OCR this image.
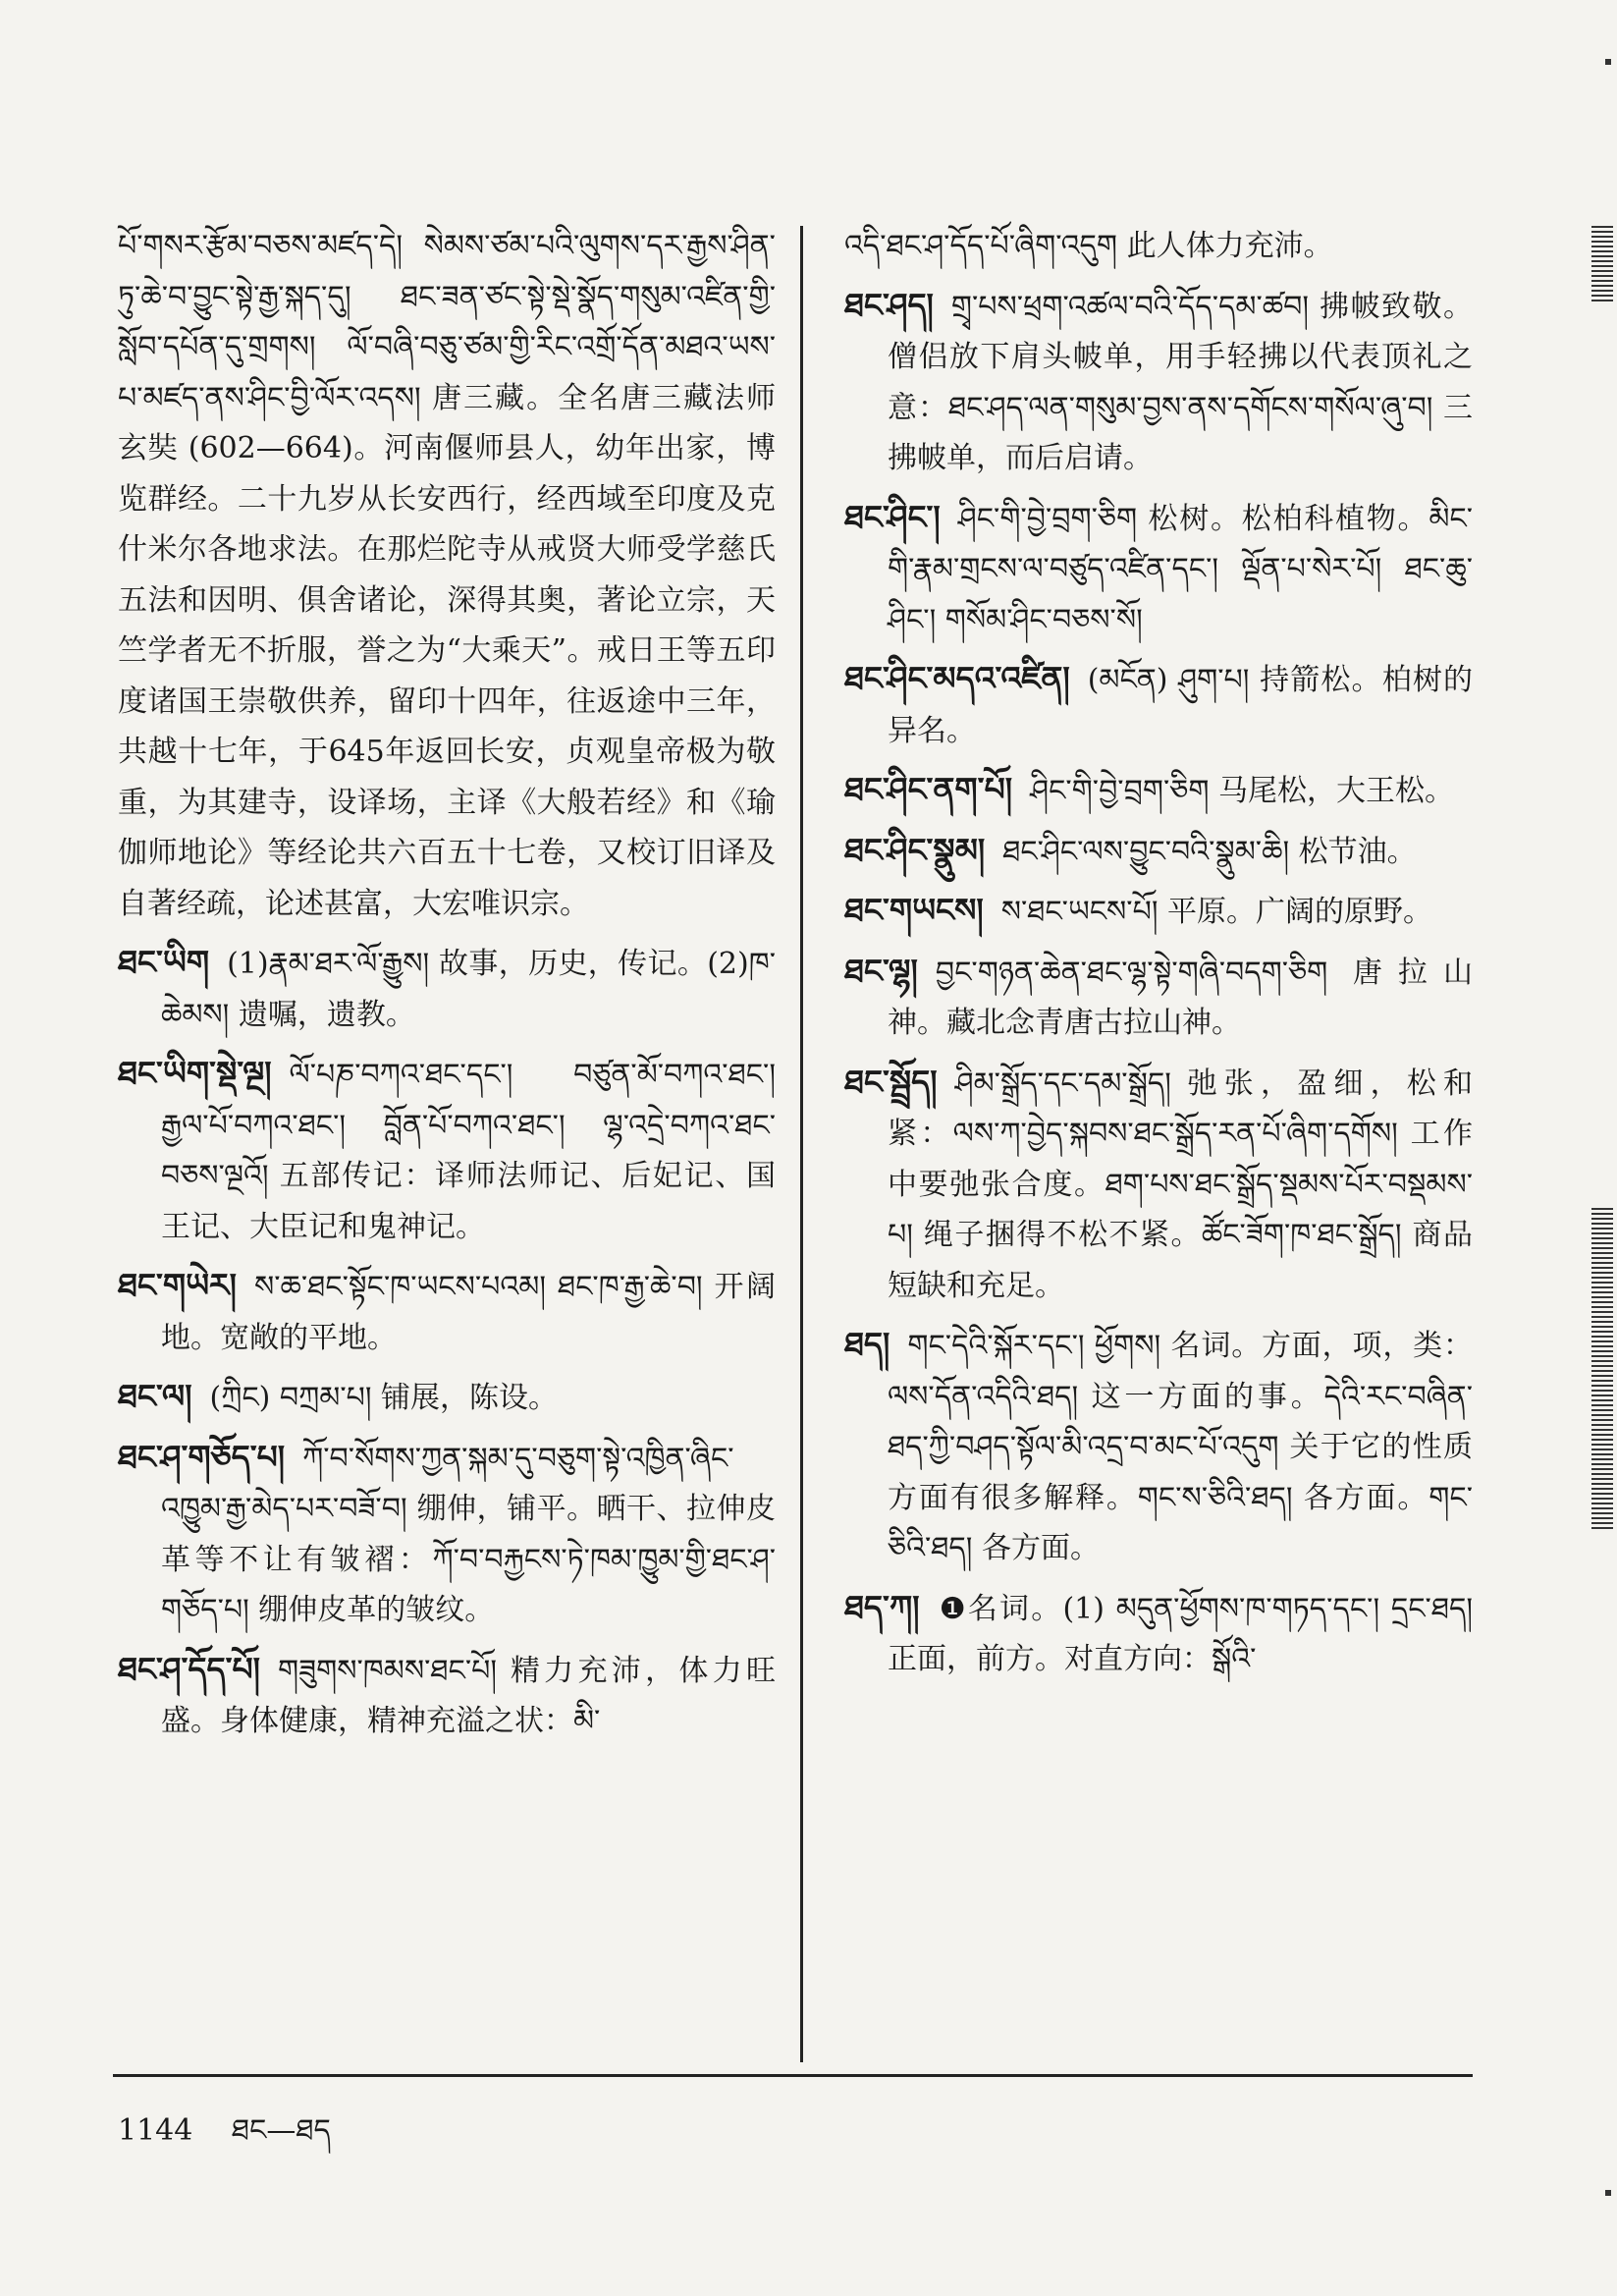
པོ་གསར་རྩོམ་བཅས་མཛད་དེ། སེམས་ཙམ་པའི་ལུགས་དར་རྒྱས་ཤིན་ཏུ་ཆེ་བ་བྱུང་སྟེ་རྒྱ་སྐད་དུ། ཐང་ཟན་ཙང་སྟེ་སྡེ་སྣོད་གསུམ་འཛིན་གྱི་སློབ་དཔོན་དུ་གྲགས། ལོ་བཞི་བཅུ་ཙམ་གྱི་རིང་འགྲོ་དོན་མཐའ་ཡས་པ་མཛད་ནས་ཤིང་བྱི་ལོར་འདས། 唐三藏。全名唐三藏法师玄奘 (602—664)。河南偃师县人，幼年出家，博览群经。二十九岁从长安西行，经西域至印度及克什米尔各地求法。在那烂陀寺从戒贤大师受学慈氏五法和因明、俱舍诸论，深得其奥，著论立宗，天竺学者无不折服，誉之为“大乘天”。戒日王等五印度诸国王崇敬供养，留印十四年，往返途中三年，共越十七年，于645年返回长安，贞观皇帝极为敬重，为其建寺，设译场，主译《大般若经》和《瑜伽师地论》等经论共六百五十七卷，又校订旧译及自著经疏，论述甚富，大宏唯识宗。
ཐང་ཡིག (1)རྣམ་ཐར་ལོ་རྒྱུས། 故事，历史，传记。(2)ཁ་ཆེམས། 遗嘱，遗教。
ཐང་ཡིག་སྡེ་ལྔ། ལོ་པཎ་བཀའ་ཐང་དང་། བཙུན་མོ་བཀའ་ཐང་། རྒྱལ་པོ་བཀའ་ཐང་། བློན་པོ་བཀའ་ཐང་། ལྷ་འདྲེ་བཀའ་ཐང་བཅས་ལྔའོ། 五部传记：译师法师记、后妃记、国王记、大臣记和鬼神记。
ཐང་གཡེར། ས་ཆ་ཐང་སྟོང་ཁ་ཡངས་པའམ། ཐང་ཁ་རྒྱ་ཆེ་བ། 开阔地。宽敞的平地。
ཐང་ལ། (ཀྲིང) བཀྲམ་པ། 铺展，陈设。
ཐང་ཤ་གཅོད་པ། ཀོ་བ་སོགས་ཀྱན་སྐམ་དུ་བཅུག་སྟེ་འཁྱིན་ཞིང་འཁྱུམ་རྒྱ་མེད་པར་བཟོ་བ། 绷伸，铺平。晒干、拉伸皮革等不让有皱褶：ཀོ་བ་བརྐྱངས་ཏེ་ཁམ་ཁྱུམ་གྱི་ཐང་ཤ་གཅོད་པ། 绷伸皮革的皱纹。
ཐང་ཤ་དོད་པོ། གཟུགས་ཁམས་ཐང་པོ། 精力充沛，体力旺盛。身体健康，精神充溢之状：མི་
འདི་ཐང་ཤ་དོད་པོ་ཞིག་འདུག 此人体力充沛。
ཐང་ཤད། གྲྭ་པས་ཕྲག་འཚལ་བའི་དོད་དམ་ཚབ། 拂帔致敬。僧侣放下肩头帔单，用手轻拂以代表顶礼之意：ཐང་ཤད་ལན་གསུམ་བྱས་ནས་དགོངས་གསོལ་ཞུ་བ། 三拂帔单，而后启请。
ཐང་ཤིང་། ཤིང་གི་བྱེ་བྲག་ཅིག 松树。松柏科植物。མིང་གི་རྣམ་གྲངས་ལ་བཙུད་འཛིན་དང་། ལྡོན་པ་སེར་པོ། ཐང་ཆུ་ཤིང་། གསོམ་ཤིང་བཅས་སོ།
ཐང་ཤིང་མདའ་འཛིན། (མངོན) ཤུག་པ། 持箭松。柏树的异名。
ཐང་ཤིང་ནག་པོ། ཤིང་གི་བྱེ་བྲག་ཅིག 马尾松，大王松。
ཐང་ཤིང་སྣུམ། ཐང་ཤིང་ལས་བྱུང་བའི་སྣུམ་ཆི། 松节油。
ཐང་གཡངས། ས་ཐང་ཡངས་པོ། 平原。广阔的原野。
ཐང་ལྷ། བྱང་གཉན་ཆེན་ཐང་ལྷ་སྟེ་གཞི་བདག་ཅིག 唐拉山神。藏北念青唐古拉山神。
ཐང་སྦྲོད། ཤིམ་སྒྲོད་དང་དམ་སྒྲོད། 弛张，盈细，松和紧：ལས་ཀ་བྱེད་སྐབས་ཐང་སྒྲོད་རན་པོ་ཞིག་དགོས། 工作中要弛张合度。ཐག་པས་ཐང་སྒྲོད་སྡམས་པོར་བསྡམས་པ། 绳子捆得不松不紧。ཚོང་ཟོག་ཁ་ཐང་སྒྲོད། 商品短缺和充足。
ཐད། གང་དེའི་སྐོར་དང་། ཕྱོགས། 名词。方面，项，类：ལས་དོན་འདིའི་ཐད། 这一方面的事。དེའི་རང་བཞིན་ཐད་ཀྱི་བཤད་སྟོལ་མི་འདྲ་བ་མང་པོ་འདུག 关于它的性质方面有很多解释。གང་ས་ཅིའི་ཐད། 各方面。གང་ཅིའི་ཐད། 各方面。
ཐད་ཀ། ❶名词。(1) མདུན་ཕྱོགས་ཁ་གཏད་དང་། དྲང་ཐད། 正面，前方。对直方向：སྒོའི་
1144 ཐང—ཐད
